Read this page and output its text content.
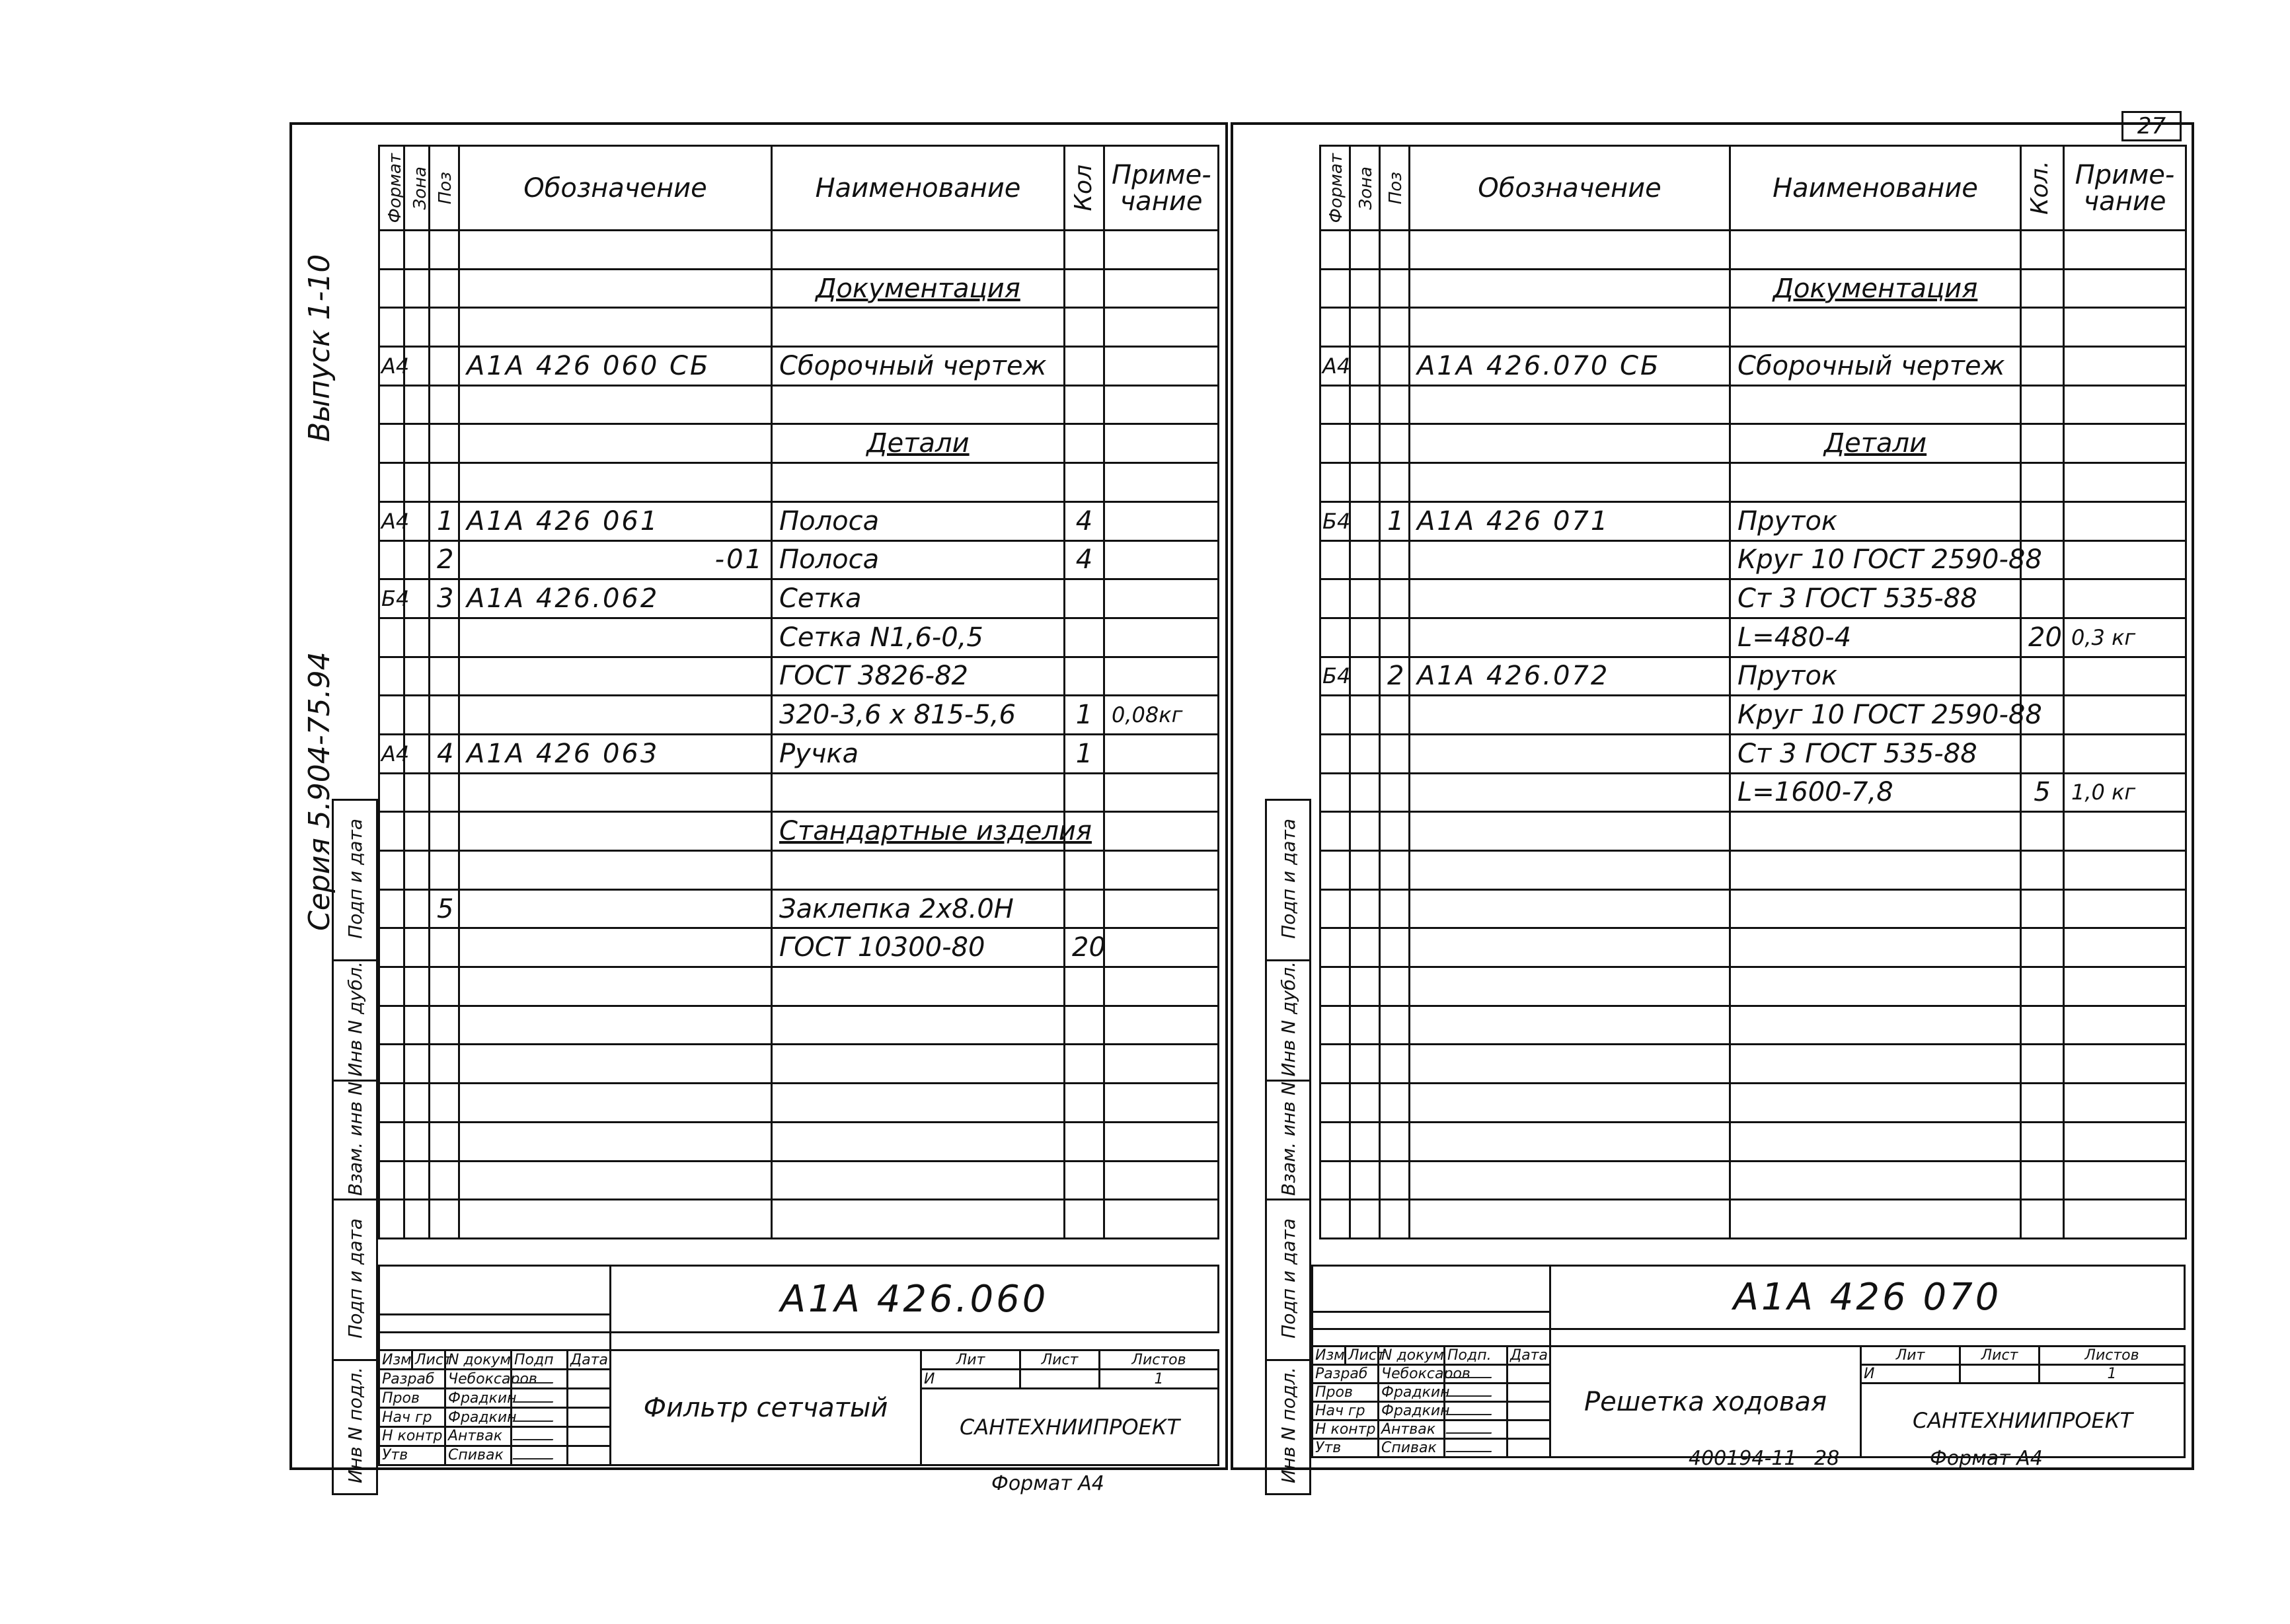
27
Выпуск 1-10
Серия 5.904-75.94 Подп и дата
Инв N дубл.
Взам. инв N
Подп и дата
Инв N подл.
Формат	Зона	Поз	Обозначение	Наименование	Кол	Приме- чание

				Документация		

А4			А1А 426 060 СБ	Сборочный чертеж		

				Детали		

А4		1	А1А 426 061	Полоса	4	
		2	-01	Полоса	4	
Б4		3	А1А 426.062	Сетка		
				Сетка N1,6-0,5		
				ГОСТ 3826-82		
				320-3,6 х 815-5,6	1	0,08кг
А4		4	А1А 426 063	Ручка	1	

				Стандартные изделия		

		5		Заклепка 2х8.0Н		
				ГОСТ 10300-80	20	

					А1А 426.060			

Изм	Лист	N докум	Подп	Дата	Фильтр сетчатый	Лит	Лист	Листов
Разраб		Чебоксаров				И		1
Пров		Фрадкин				САНТЕХНИИПРОЕКТ		
Нач гр		Фрадкин						
Н контр		Антвак						
Утв		Спивак						
Формат А4
Подп и дата
Инв N дубл.
Взам. инв N
Подп и дата
Инв N подл.
Формат	Зона	Поз	Обозначение	Наименование	Кол.	Приме- чание

				Документация		

А4			А1А 426.070 СБ	Сборочный чертеж		

				Детали		

Б4		1	А1А 426 071	Пруток		
				Круг 10 ГОСТ 2590-88		
				Ст 3 ГОСТ 535-88		
				L=480-4	20	0,3 кг
Б4		2	А1А 426.072	Пруток		
				Круг 10 ГОСТ 2590-88		
				Ст 3 ГОСТ 535-88		
				L=1600-7,8	5	1,0 кг

					А1А 426 070			

Изм	Лист	N докум	Подп.	Дата	Решетка ходовая	Лит	Лист	Листов
Разраб		Чебоксаров				И		1
Пров		Фрадкин				САНТЕХНИИПРОЕКТ		
Нач гр		Фрадкин						
Н контр		Антвак						
Утв		Спивак							400194-11 28	Формат А4
